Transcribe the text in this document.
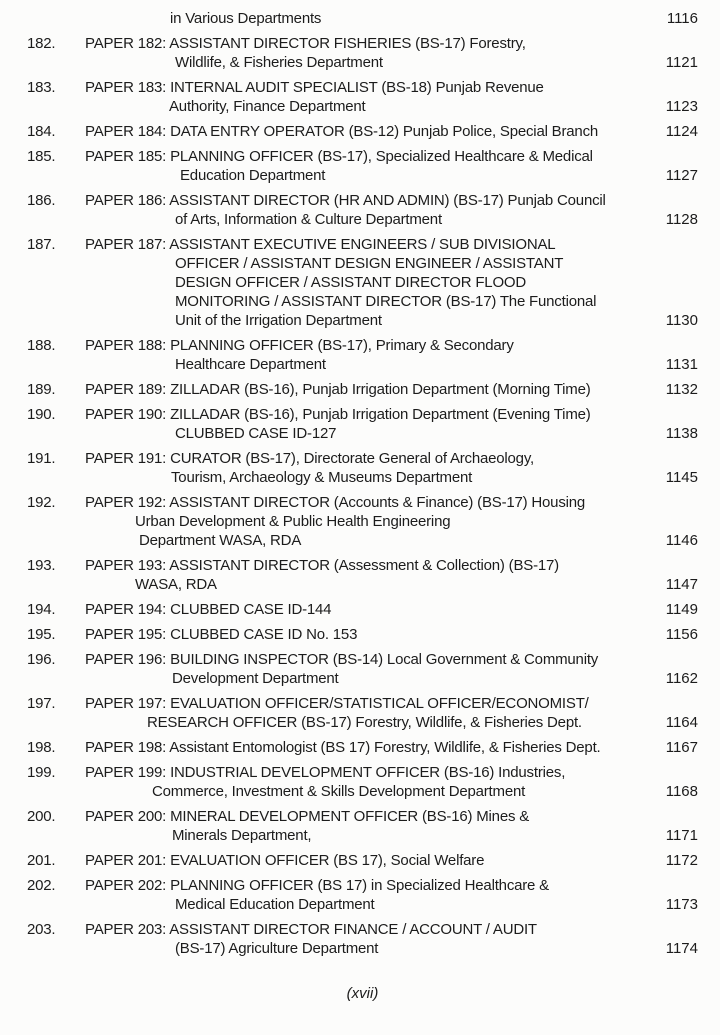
in Various Departments	1116
182.	PAPER 182: ASSISTANT DIRECTOR FISHERIES (BS-17) Forestry,
Wildlife, & Fisheries Department	1121
183.	PAPER 183: INTERNAL AUDIT SPECIALIST (BS-18) Punjab Revenue
Authority, Finance Department	1123
184.	PAPER 184: DATA ENTRY OPERATOR (BS-12) Punjab Police, Special Branch	1124
185.	PAPER 185: PLANNING OFFICER (BS-17), Specialized Healthcare & Medical
Education Department	1127
186.	PAPER 186: ASSISTANT DIRECTOR (HR AND ADMIN) (BS-17) Punjab Council
of Arts, Information & Culture Department	1128
187.	PAPER 187: ASSISTANT EXECUTIVE ENGINEERS / SUB DIVISIONAL
OFFICER / ASSISTANT DESIGN ENGINEER / ASSISTANT
DESIGN OFFICER / ASSISTANT DIRECTOR FLOOD
MONITORING / ASSISTANT DIRECTOR (BS-17) The Functional
Unit of the Irrigation Department	1130
188.	PAPER 188: PLANNING OFFICER (BS-17), Primary & Secondary
Healthcare Department	1131
189.	PAPER 189: ZILLADAR (BS-16), Punjab Irrigation Department (Morning Time)	1132
190.	PAPER 190: ZILLADAR (BS-16), Punjab Irrigation Department (Evening Time)
CLUBBED CASE ID-127	1138
191.	PAPER 191: CURATOR (BS-17), Directorate General of Archaeology,
Tourism, Archaeology & Museums Department	1145
192.	PAPER 192: ASSISTANT DIRECTOR (Accounts & Finance) (BS-17) Housing
Urban Development & Public Health Engineering
Department WASA, RDA	1146
193.	PAPER 193: ASSISTANT DIRECTOR (Assessment & Collection) (BS-17)
WASA, RDA	1147
194.	PAPER 194: CLUBBED CASE ID-144	1149
195.	PAPER 195: CLUBBED CASE ID No. 153	1156
196.	PAPER 196: BUILDING INSPECTOR (BS-14) Local Government & Community
Development Department	1162
197.	PAPER 197: EVALUATION OFFICER/STATISTICAL OFFICER/ECONOMIST/
RESEARCH OFFICER (BS-17) Forestry, Wildlife, & Fisheries Dept.	1164
198.	PAPER 198: Assistant Entomologist (BS 17) Forestry, Wildlife, & Fisheries Dept.	1167
199.	PAPER 199: INDUSTRIAL DEVELOPMENT OFFICER (BS-16) Industries,
Commerce, Investment & Skills Development Department	1168
200.	PAPER 200: MINERAL DEVELOPMENT OFFICER (BS-16) Mines &
Minerals Department,	1171
201.	PAPER 201: EVALUATION OFFICER (BS 17), Social Welfare	1172
202.	PAPER 202: PLANNING OFFICER (BS 17) in Specialized Healthcare &
Medical Education Department	1173
203.	PAPER 203: ASSISTANT DIRECTOR FINANCE / ACCOUNT / AUDIT
(BS-17) Agriculture Department	1174
(xvii)
